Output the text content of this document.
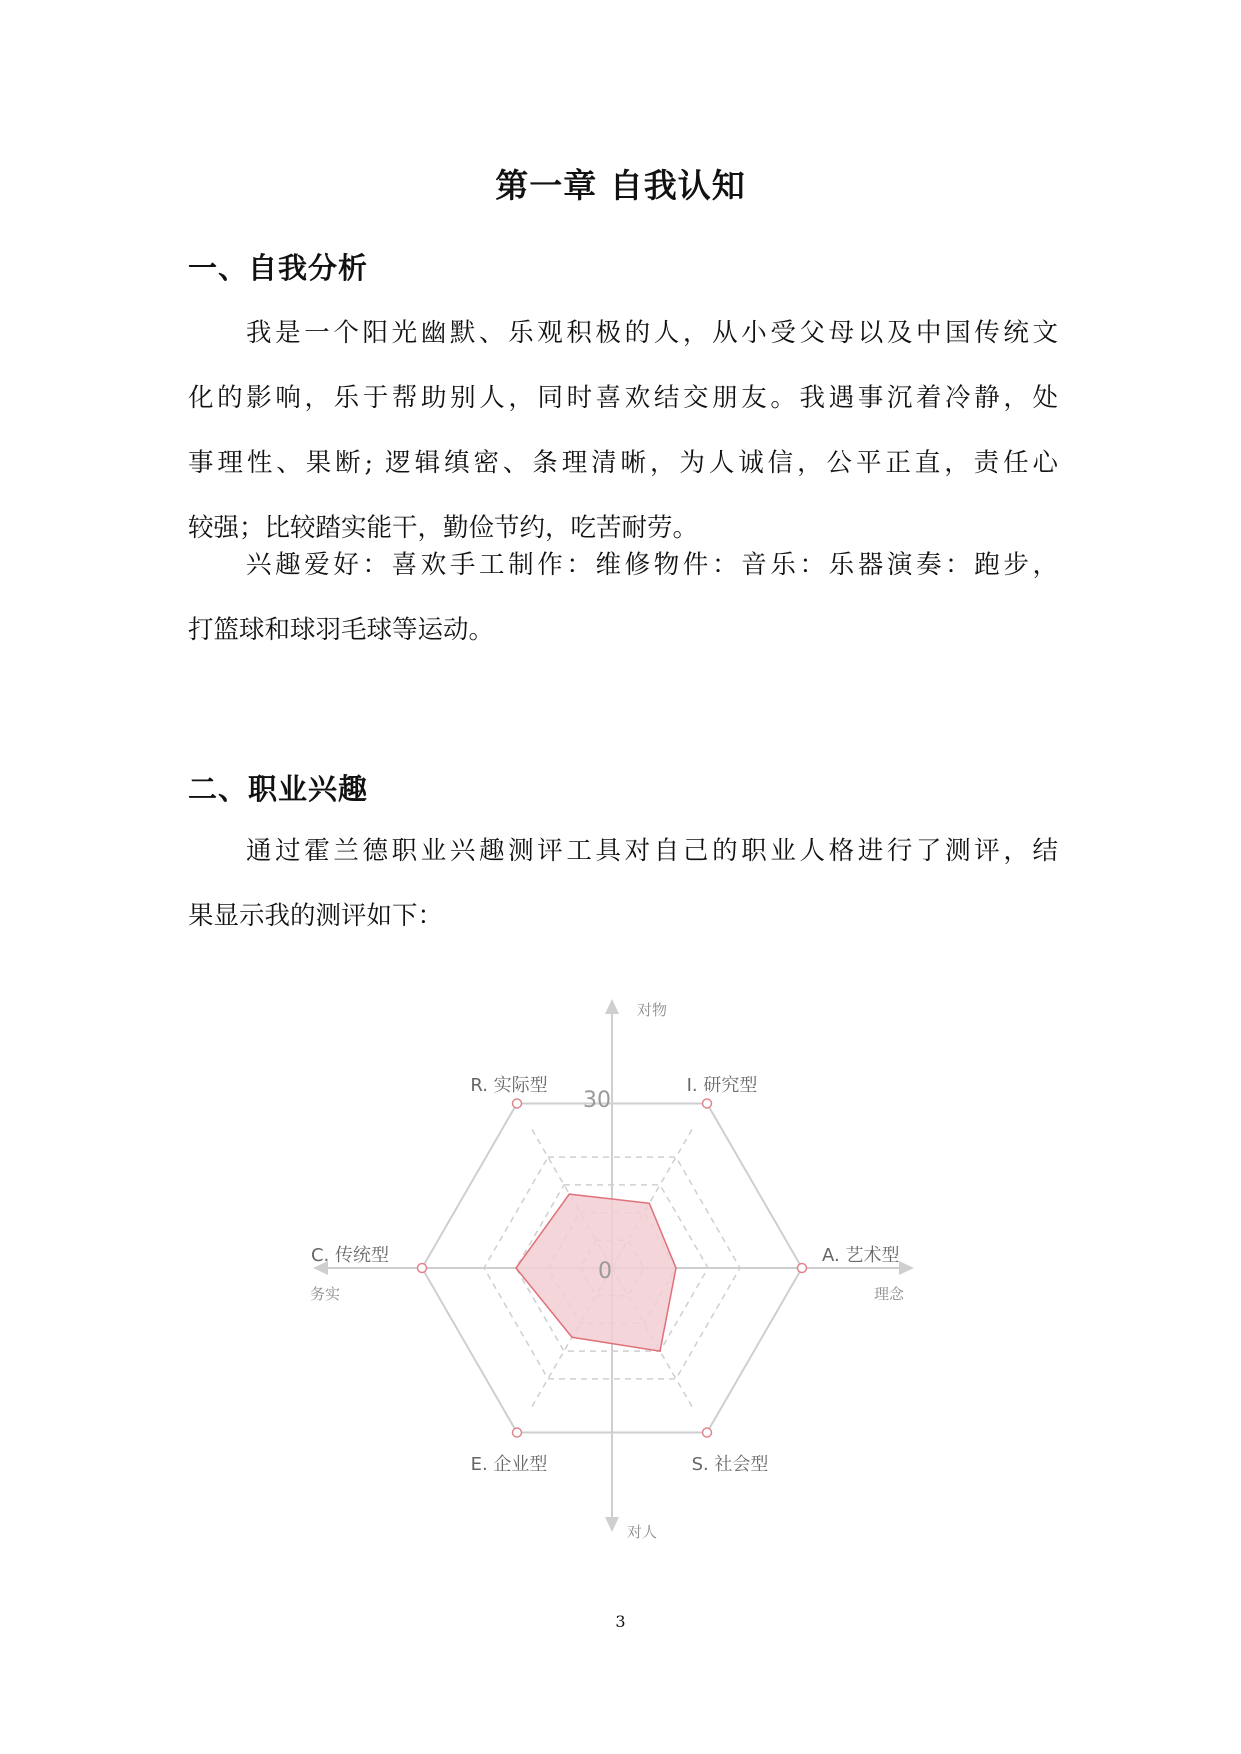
第一章 自我认知
一、自我分析
我是一个阳光幽默、乐观积极的人，从小受父母以及中国传统文
化的影响，乐于帮助别人，同时喜欢结交朋友。我遇事沉着冷静，处
事理性、果断; 逻辑缜密、条理清晰，为人诚信，公平正直，责任心
较强；比较踏实能干，勤俭节约，吃苦耐劳。
兴趣爱好：喜欢手工制作：维修物件：音乐：乐器演奏：跑步，
打篮球和球羽毛球等运动。
二、职业兴趣
通过霍兰德职业兴趣测评工具对自己的职业人格进行了测评，结
果显示我的测评如下：
30
0
R. 实际型	I. 研究型
A. 艺术型
S. 社会型
E. 企业型
C. 传统型
对物
对人
务实	理念
3
